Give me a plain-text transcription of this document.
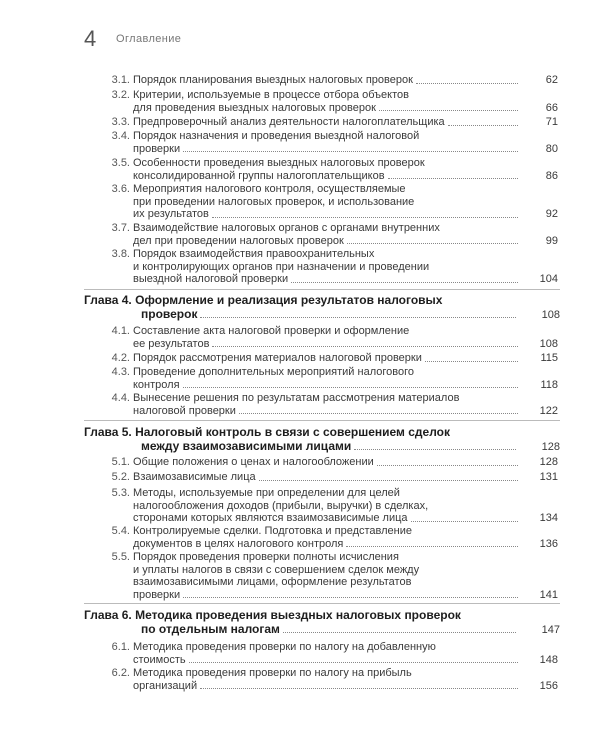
4 Оглавление
3.1. Порядок планирования выездных налоговых проверок	62
3.2. Критерии, используемые в процессе отбора объектов
для проведения выездных налоговых проверок	66
3.3. Предпроверочный анализ деятельности налогоплательщика	71
3.4. Порядок назначения и проведения выездной налоговой
проверки	80
3.5. Особенности проведения выездных налоговых проверок
консолидированной группы налогоплательщиков	86
3.6. Мероприятия налогового контроля, осуществляемые
при проведении налоговых проверок, и использование
их результатов	92
3.7. Взаимодействие налоговых органов с органами внутренних
дел при проведении налоговых проверок	99
3.8. Порядок взаимодействия правоохранительных
и контролирующих органов при назначении и проведении
выездной налоговой проверки	104
Глава 4. Оформление и реализация результатов налоговых
проверок	108
4.1. Составление акта налоговой проверки и оформление
ее результатов	108
4.2. Порядок рассмотрения материалов налоговой проверки	115
4.3. Проведение дополнительных мероприятий налогового
контроля	118
4.4. Вынесение решения по результатам рассмотрения материалов
налоговой проверки	122
Глава 5. Налоговый контроль в связи с совершением сделок
между взаимозависимыми лицами	128
5.1. Общие положения о ценах и налогообложении	128
5.2. Взаимозависимые лица	131
5.3. Методы, используемые при определении для целей
налогообложения доходов (прибыли, выручки) в сделках,
сторонами которых являются взаимозависимые лица	134
5.4. Контролируемые сделки. Подготовка и представление
документов в целях налогового контроля	136
5.5. Порядок проведения проверки полноты исчисления
и уплаты налогов в связи с совершением сделок между
взаимозависимыми лицами, оформление результатов
проверки	141
Глава 6. Методика проведения выездных налоговых проверок
по отдельным налогам	147
6.1. Методика проведения проверки по налогу на добавленную
стоимость	148
6.2. Методика проведения проверки по налогу на прибыль
организаций	156
